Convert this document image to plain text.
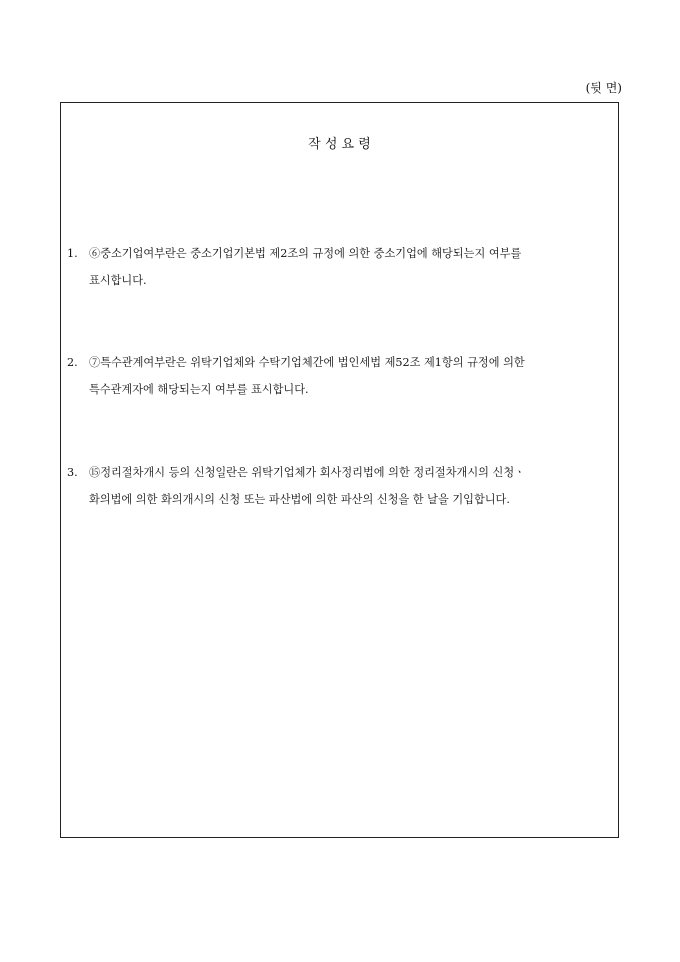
(뒷 면)
작 성 요 령
1. ⑥중소기업여부란은 중소기업기본법 제2조의 규정에 의한 중소기업에 해당되는지 여부를
표시합니다.
2. ⑦특수관계여부란은 위탁기업체와 수탁기업체간에 법인세법 제52조 제1항의 규정에 의한
특수관계자에 해당되는지 여부를 표시합니다.
3. ⑮정리절차개시 등의 신청일란은 위탁기업체가 회사정리법에 의한 정리절차개시의 신청ㆍ
화의법에 의한 화의개시의 신청 또는 파산법에 의한 파산의 신청을 한 날을 기입합니다.
